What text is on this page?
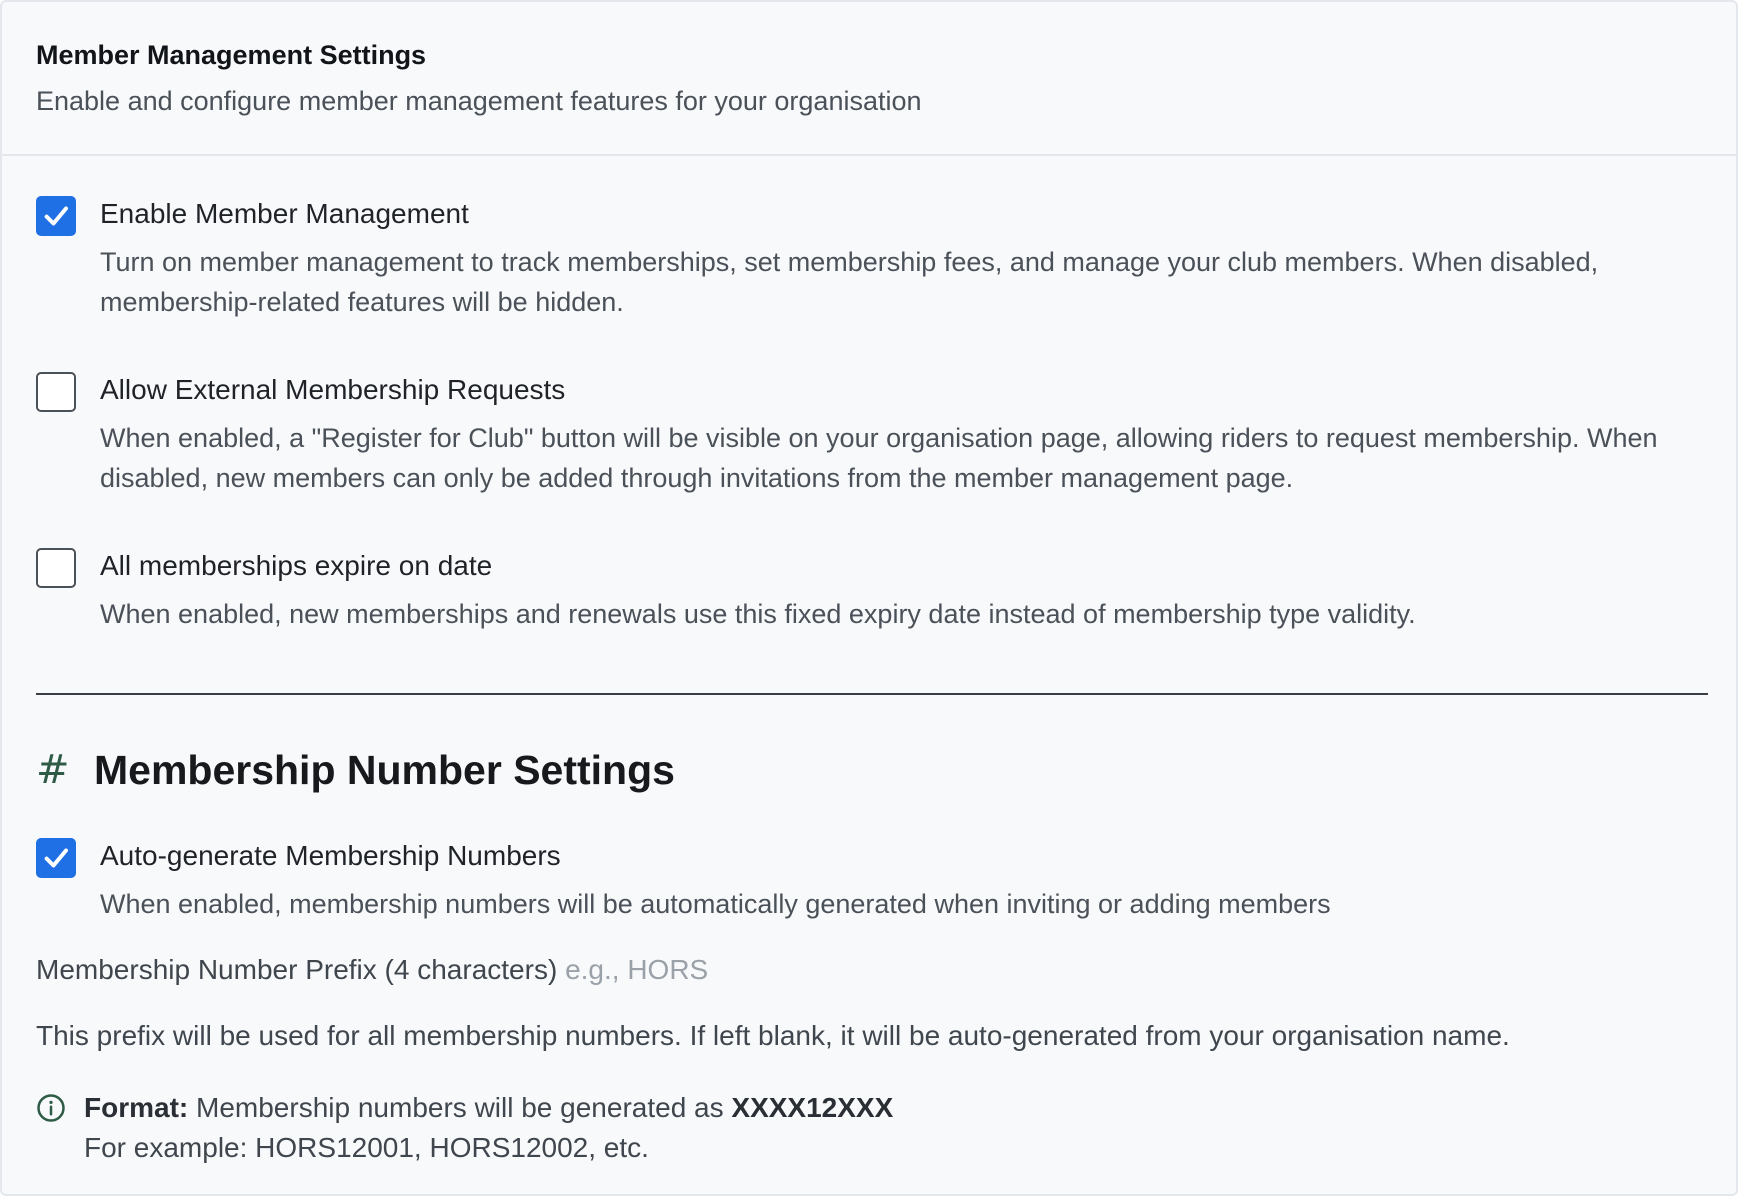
Member Management Settings
Enable and configure member management features for your organisation
Enable Member Management
Turn on member management to track memberships, set membership fees, and manage your club members. When disabled, membership-related features will be hidden.
Allow External Membership Requests
When enabled, a "Register for Club" button will be visible on your organisation page, allowing riders to request membership. When disabled, new members can only be added through invitations from the member management page.
All memberships expire on date
When enabled, new memberships and renewals use this fixed expiry date instead of membership type validity.
# Membership Number Settings
Auto-generate Membership Numbers
When enabled, membership numbers will be automatically generated when inviting or adding members
Membership Number Prefix (4 characters) e.g., HORS
This prefix will be used for all membership numbers. If left blank, it will be auto-generated from your organisation name.
Format: Membership numbers will be generated as XXXX12XXX
For example: HORS12001, HORS12002, etc.
